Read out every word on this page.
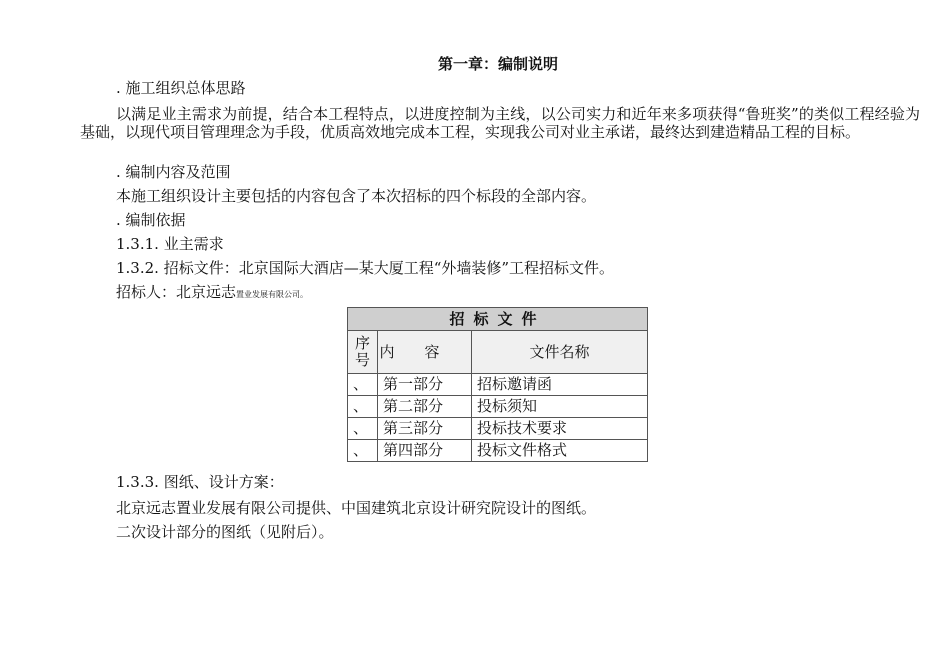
第一章：编制说明
. 施工组织总体思路
以满足业主需求为前提，结合本工程特点，以进度控制为主线，以公司实力和近年来多项获得“鲁班奖”的类似工程经验为基础，以现代项目管理理念为手段，优质高效地完成本工程，实现我公司对业主承诺，最终达到建造精品工程的目标。
. 编制内容及范围
本施工组织设计主要包括的内容包含了本次招标的四个标段的全部内容。
. 编制依据
1.3.1. 业主需求
1.3.2. 招标文件：北京国际大酒店—某大厦工程“外墙装修”工程招标文件。
招标人：北京远志置业发展有限公司。
招标文件		

序
号	内容	文件名称
、	第一部分	招标邀请函
、	第二部分	投标须知
、	第三部分	投标技术要求
、	第四部分	投标文件格式
1.3.3. 图纸、设计方案：
北京远志置业发展有限公司提供、中国建筑北京设计研究院设计的图纸。
二次设计部分的图纸（见附后）。
